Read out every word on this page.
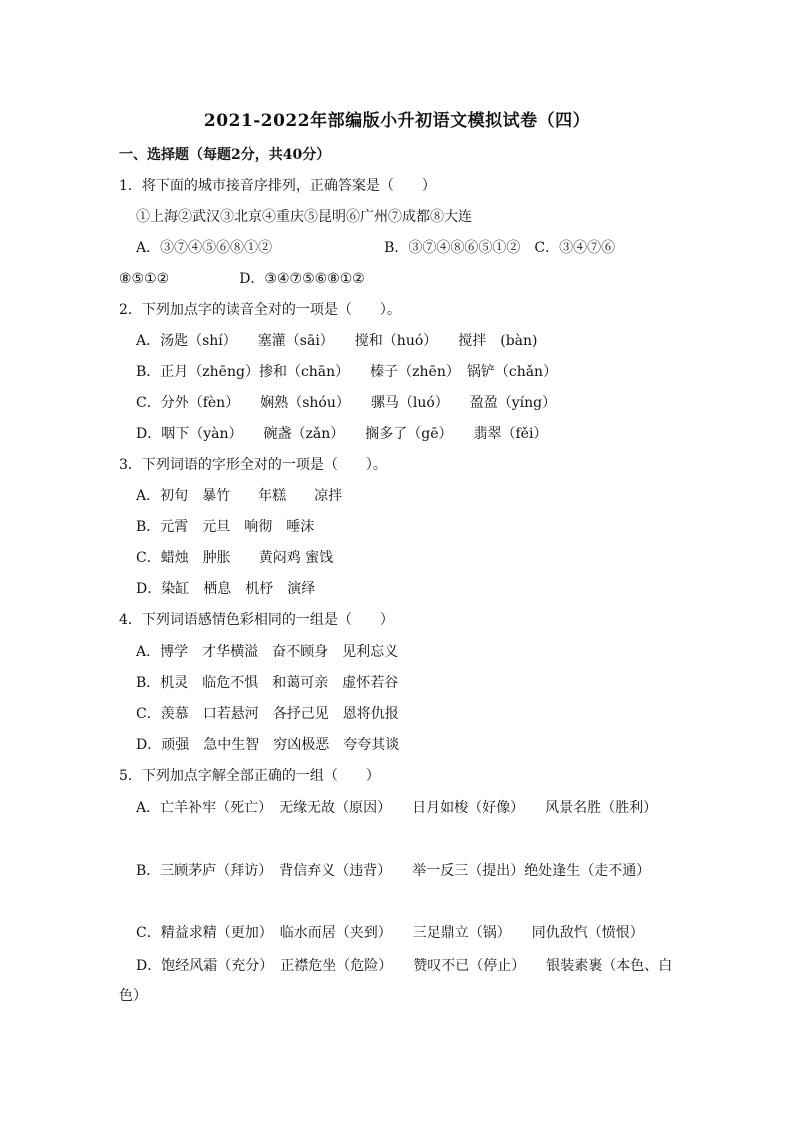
2021-2022年部编版小升初语文模拟试卷（四）
一、选择题（每题2分，共40分）
1．将下面的城市接音序排列，正确答案是（　　）
①上海②武汉③北京④重庆⑤昆明⑥广州⑦成都⑧大连
A．③⑦④⑤⑥⑧①②　　　　　　　　B．③⑦④⑧⑥⑤①②　C．③④⑦⑥
⑧⑤①②　　　　　D．③④⑦⑤⑥⑧①②
2．下列加点字的读音全对的一项是（　　）。
A．汤匙（shí）　　塞灌（sāi）　　搅和（huó）　　搅拌　(bàn)
B．正月（zhēng）掺和（chān）　　榛子（zhēn）　锅铲（chǎn）
C．分外（fèn）　　娴熟（shóu）　　骡马（luó）　　盈盈（yíng）
D．咽下（yàn）　　碗盏（zǎn）　　搁多了（gē）　　翡翠（fěi）
3．下列词语的字形全对的一项是（　　）。
A．初旬　暴竹　　年糕　　凉拌
B．元霄　元旦　响彻　唾沫
C．蜡烛　肿胀　　黄闷鸡 蜜饯
D．染缸　栖息　机杼　演绎
4．下列词语感情色彩相同的一组是（　　）
A．博学　才华横溢　奋不顾身　见利忘义
B．机灵　临危不惧　和蔼可亲　虚怀若谷
C．羡慕　口若悬河　各抒己见　恩将仇报
D．顽强　急中生智　穷凶极恶　夸夸其谈
5．下列加点字解全部正确的一组（　　）
A．亡羊补牢（死亡）　无缘无故（原因）　　日月如梭（好像）　　风景名胜（胜利）
B．三顾茅庐（拜访）　背信弃义（违背）　　举一反三（提出）绝处逢生（走不通）
C．精益求精（更加）　临水而居（夹到）　　三足鼎立（锅）　　同仇敌忾（愤恨）
D．饱经风霜（充分）　正襟危坐（危险）　　赞叹不已（停止）　　银装素裹（本色、白
色）
